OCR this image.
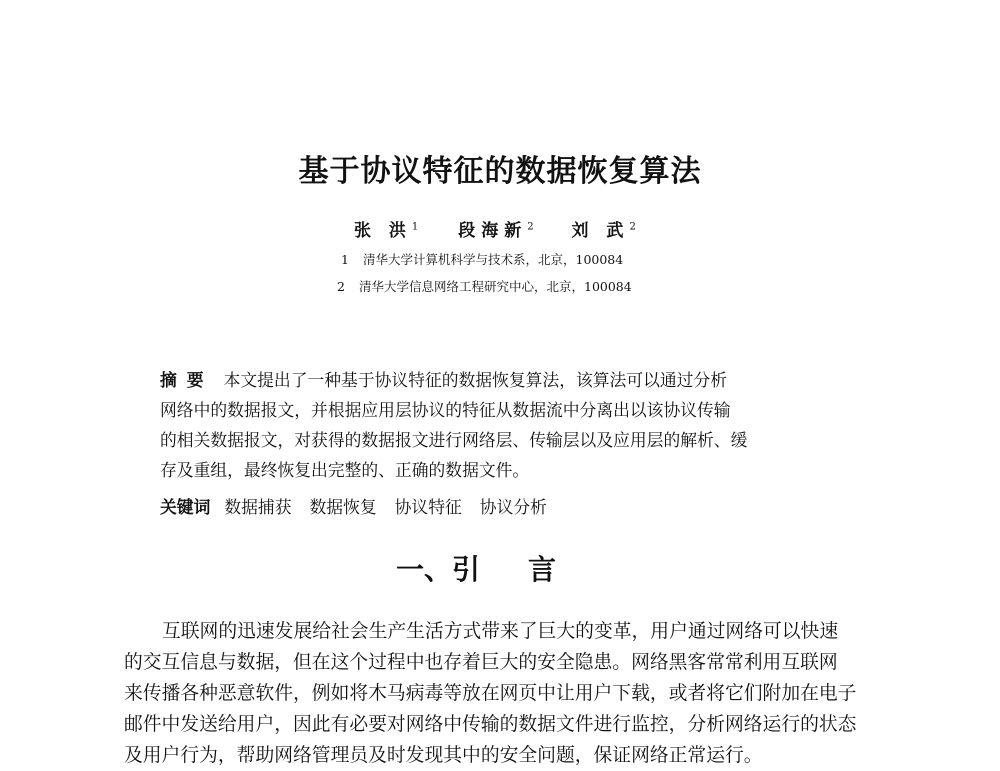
基于协议特征的数据恢复算法
张 洪$^1$ 段海新$^2$ 刘 武$^2$
1 清华大学计算机科学与技术系，北京，100084
2 清华大学信息网络工程研究中心，北京，100084
摘要 本文提出了一种基于协议特征的数据恢复算法，该算法可以通过分析
网络中的数据报文，并根据应用层协议的特征从数据流中分离出以该协议传输
的相关数据报文，对获得的数据报文进行网络层、传输层以及应用层的解析、缓
存及重组，最终恢复出完整的、正确的数据文件。
关键词 数据捕获 数据恢复 协议特征 协议分析
一、引言
互联网的迅速发展给社会生产生活方式带来了巨大的变革，用户通过网络可以快速
的交互信息与数据，但在这个过程中也存着巨大的安全隐患。网络黑客常常利用互联网
来传播各种恶意软件，例如将木马病毒等放在网页中让用户下载，或者将它们附加在电子
邮件中发送给用户，因此有必要对网络中传输的数据文件进行监控，分析网络运行的状态
及用户行为，帮助网络管理员及时发现其中的安全问题，保证网络正常运行。
